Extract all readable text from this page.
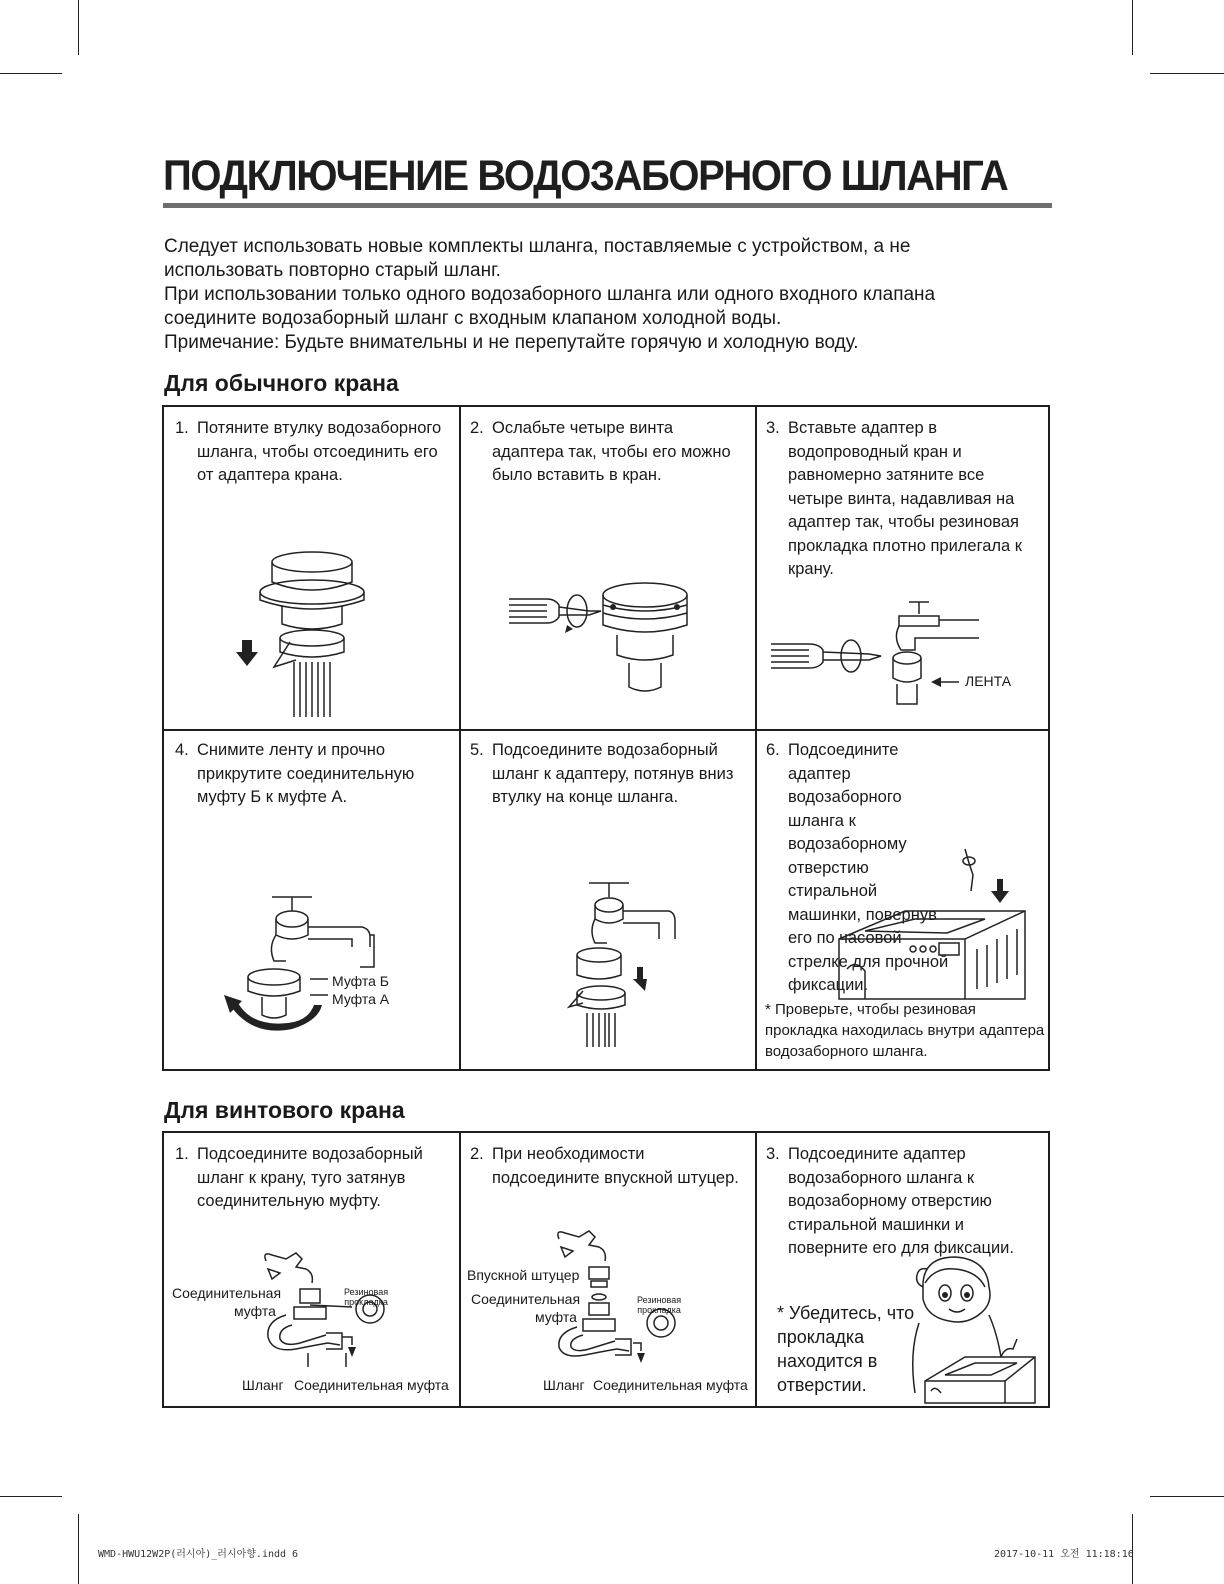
ПОДКЛЮЧЕНИЕ ВОДОЗАБОРНОГО ШЛАНГА

Следует использовать новые комплекты шланга, поставляемые с устройством, а не

использовать повторно старый шланг.

При использовании только одного водозаборного шланга или одного входного клапана

соедините водозаборный шланг с входным клапаном холодной воды.

Примечание: Будьте внимательны и не перепутайте горячую и холодную воду.

Для обычного крана
1. Потяните втулку водозаборного шланга, чтобы отсоединить его от адаптера крана.
2. Ослабьте четыре винта адаптера так, чтобы его можно было вставить в кран.
3. Вставьте адаптер в водопроводный кран и равномерно затяните все четыре винта, надавливая на адаптер так, чтобы резиновая прокладка плотно прилегала к крану.
ЛЕНТА
4. Снимите ленту и прочно прикрутите соединительную муфту Б к муфте А.
Муфта Б
Муфта А
5. Подсоедините водозаборный шланг к адаптеру, потянув вниз втулку на конце шланга.
6. Подсоедините адаптер водозаборного шланга к водозаборному отверстию стиральной машинки, повернув его по часовой стрелке для прочной фиксации.
* Проверьте, чтобы резиновая прокладка находилась внутри адаптера водозаборного шланга.
Для винтового крана
1. Подсоедините водозаборный шланг к крану, туго затянув соединительную муфту.
Соединительная
муфта
Резиновая
прокладка
Шланг Соединительная муфта
2. При необходимости подсоедините впускной штуцер.
Впускной штуцер
Соединительная
муфта
Резиновая
прокладка
Шланг Соединительная муфта
3. Подсоедините адаптер водозаборного шланга к водозаборному отверстию стиральной машинки и поверните его для фиксации.
* Убедитесь, что прокладка находится в отверстии.
WMD-HWU12W2P(러시아)_러시아향.indd 6	2017-10-11 오전 11:18:16
